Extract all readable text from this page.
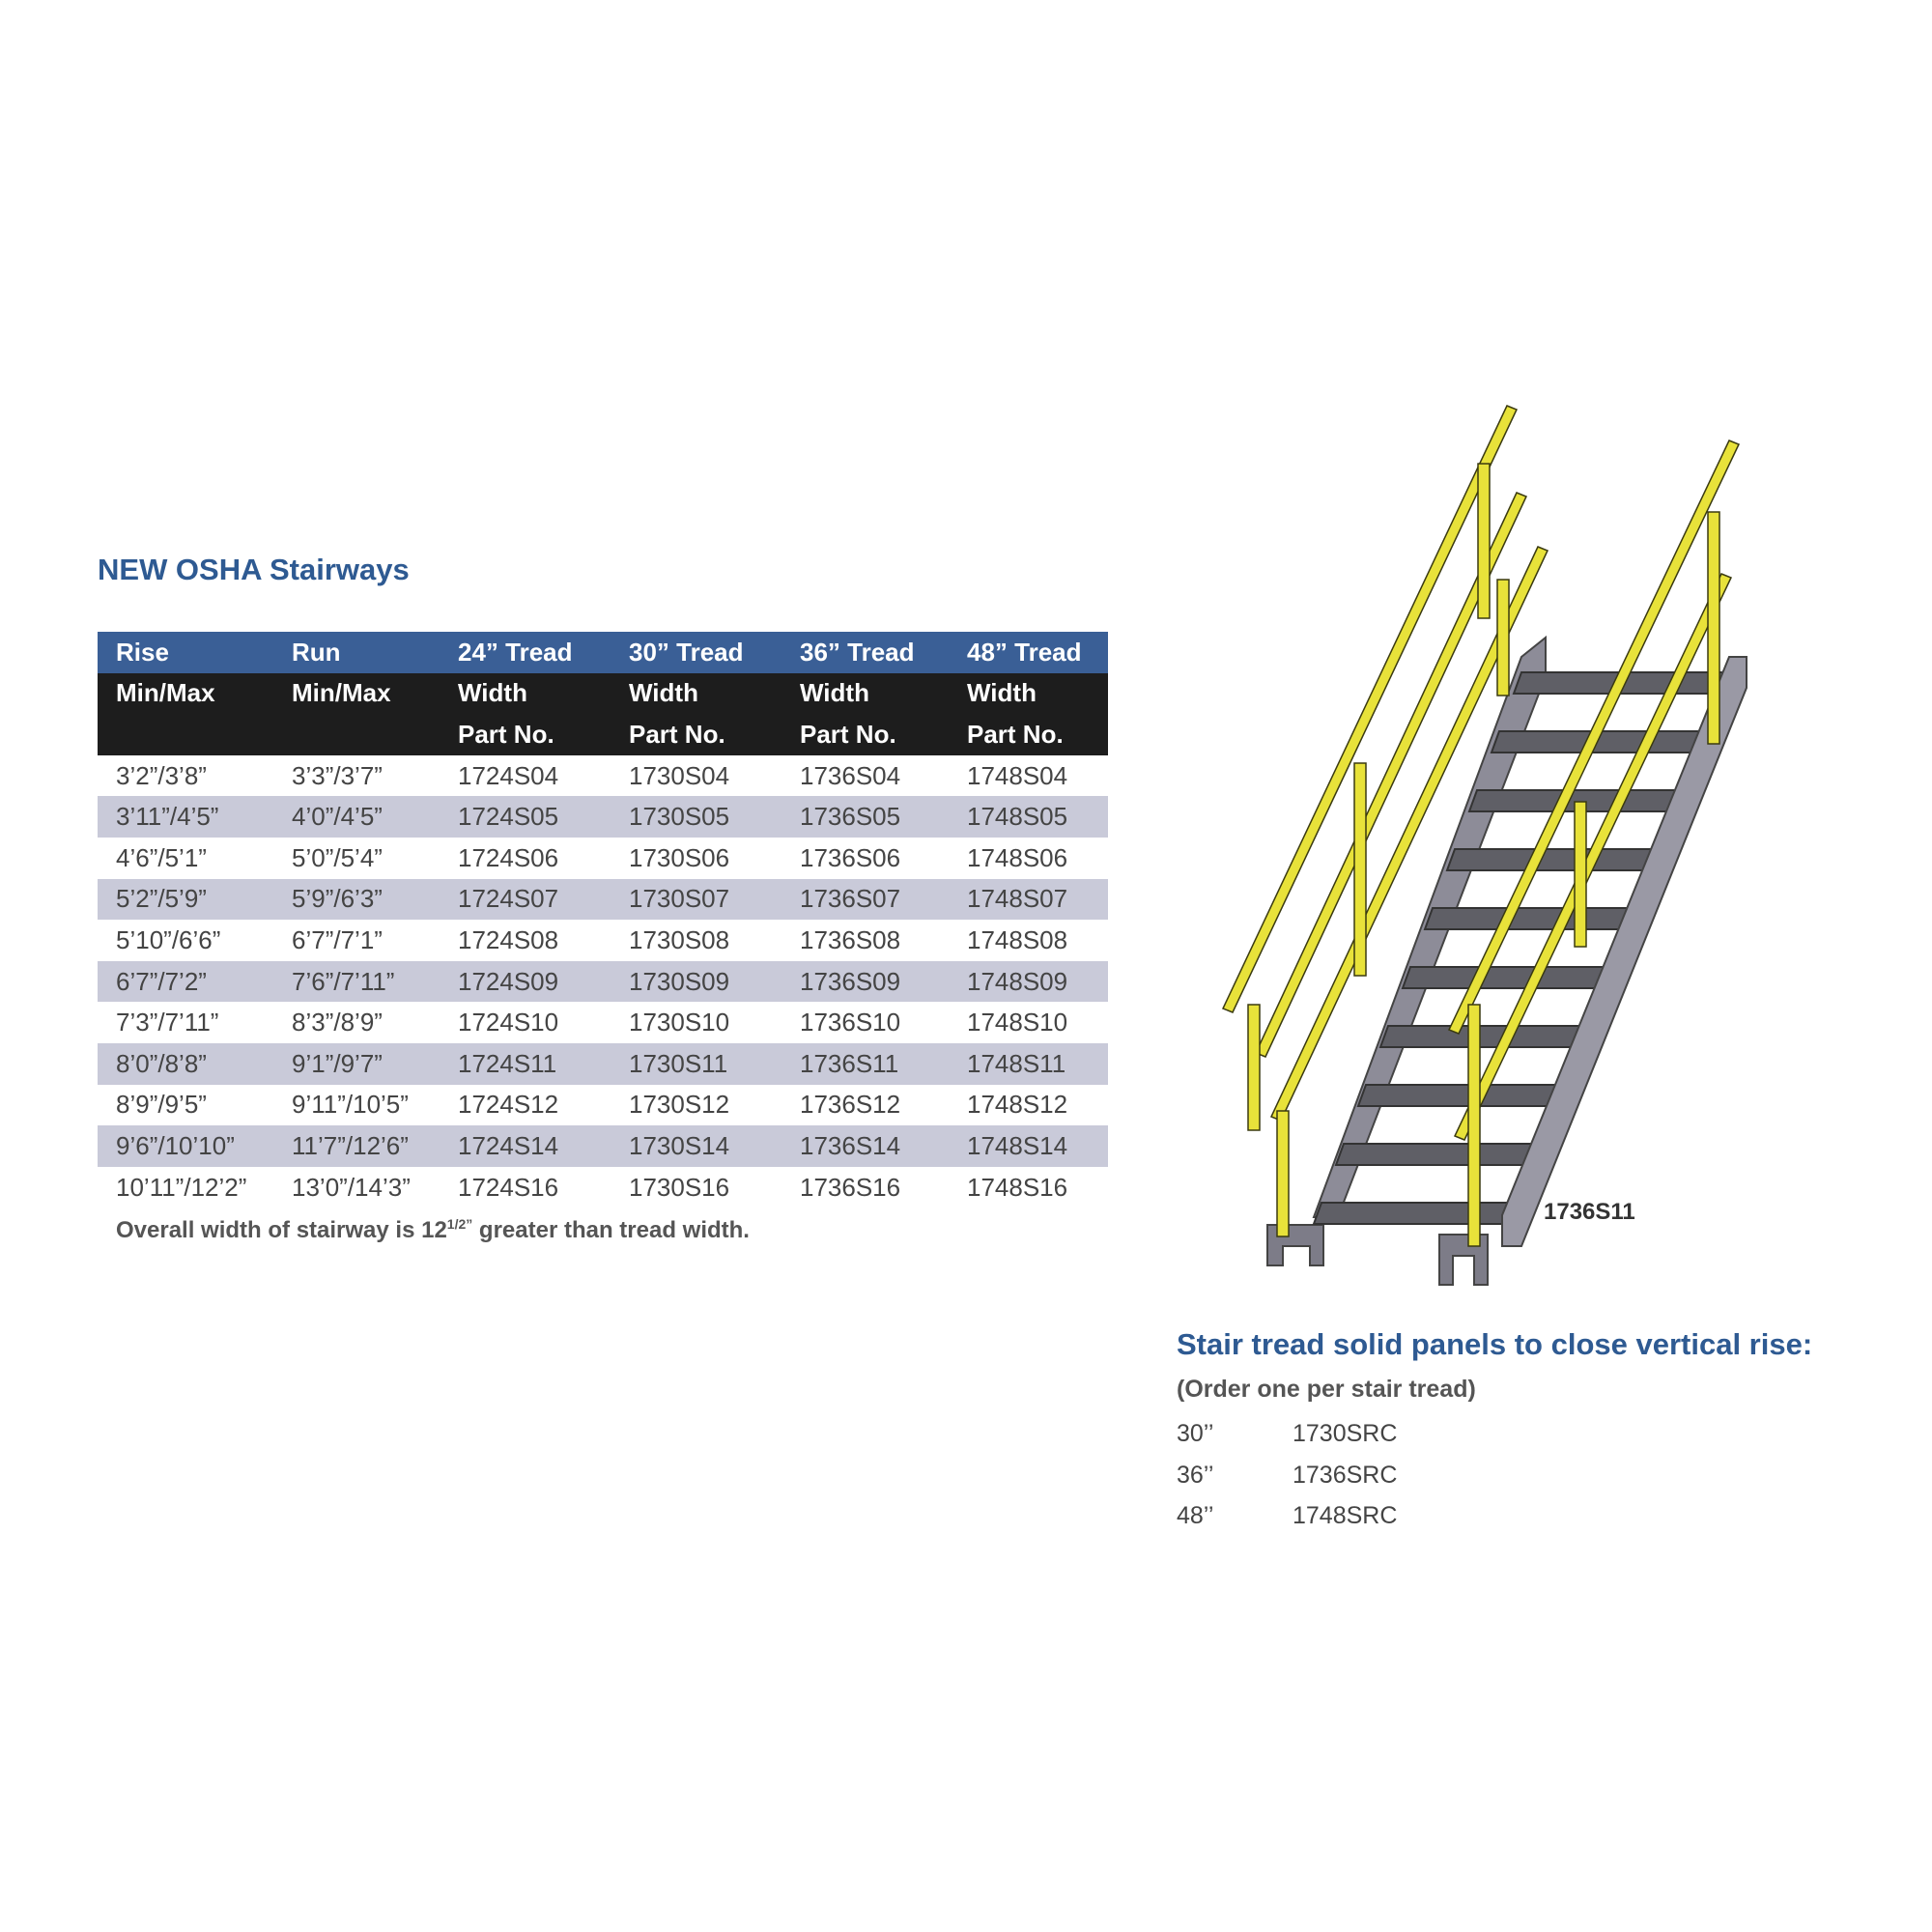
NEW OSHA Stairways
Rise	Run	24” Tread	30” Tread	36” Tread	48” Tread
Min/Max	Min/Max	Width	Width	Width	Width
		Part No.	Part No.	Part No.	Part No.
3’2”/3’8”	3’3”/3’7”	1724S04	1730S04	1736S04	1748S04
3’11”/4’5”	4’0”/4’5”	1724S05	1730S05	1736S05	1748S05
4’6”/5’1”	5’0”/5’4”	1724S06	1730S06	1736S06	1748S06
5’2”/5’9”	5’9”/6’3”	1724S07	1730S07	1736S07	1748S07
5’10”/6’6”	6’7”/7’1”	1724S08	1730S08	1736S08	1748S08
6’7”/7’2”	7’6”/7’11”	1724S09	1730S09	1736S09	1748S09
7’3”/7’11”	8’3”/8’9”	1724S10	1730S10	1736S10	1748S10
8’0”/8’8”	9’1”/9’7”	1724S11	1730S11	1736S11	1748S11
8’9”/9’5”	9’11”/10’5”	1724S12	1730S12	1736S12	1748S12
9’6”/10’10”	11’7”/12’6”	1724S14	1730S14	1736S14	1748S14
10’11”/12’2”	13’0”/14’3”	1724S16	1730S16	1736S16	1748S16
Overall width of stairway is $12^{1/2”}$ greater than tread width.
1736S11
Stair tread solid panels to close vertical rise:
(Order one per stair tread)
30’’	1730SRC
36’’	1736SRC
48’’	1748SRC
